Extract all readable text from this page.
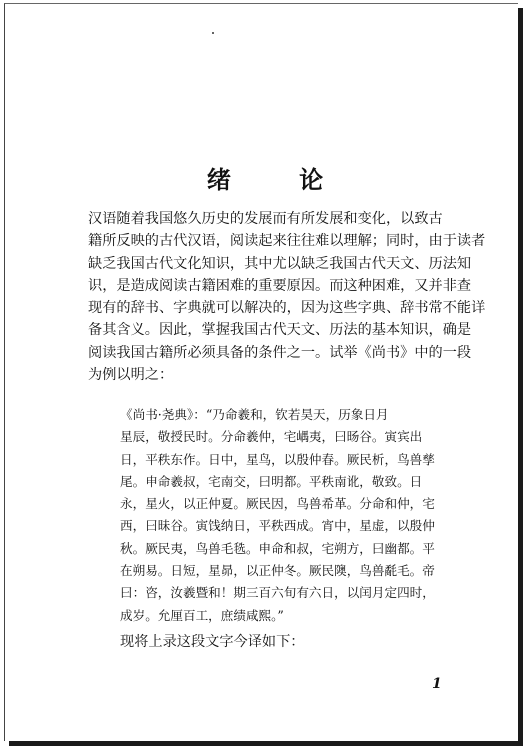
绪 论
汉语随着我国悠久历史的发展而有所发展和变化，以致古
籍所反映的古代汉语，阅读起来往往难以理解；同时，由于读者
缺乏我国古代文化知识，其中尤以缺乏我国古代天文、历法知
识，是造成阅读古籍困难的重要原因。而这种困难，又并非查
现有的辞书、字典就可以解决的，因为这些字典、辞书常不能详
备其含义。因此，掌握我国古代天文、历法的基本知识，确是
阅读我国古籍所必须具备的条件之一。试举《尚书》中的一段
为例以明之：
《尚书·尧典》：“乃命羲和，钦若昊天，历象日月
星辰，敬授民时。分命羲仲，宅嵎夷，曰旸谷。寅宾出
日，平秩东作。日中，星鸟，以殷仲春。厥民析，鸟兽孳
尾。申命羲叔，宅南交，曰明都。平秩南讹，敬致。日
永，星火，以正仲夏。厥民因，鸟兽希革。分命和仲，宅
西，曰昧谷。寅饯纳日，平秩西成。宵中，星虚，以殷仲
秋。厥民夷，鸟兽毛毨。申命和叔，宅朔方，曰幽都。平
在朔易。日短，星昴，以正仲冬。厥民隩，鸟兽氄毛。帝
曰：咨，汝羲暨和！期三百六旬有六日，以闰月定四时，
成岁。允厘百工，庶绩咸熙。”

现将上录这段文字今译如下：

1
